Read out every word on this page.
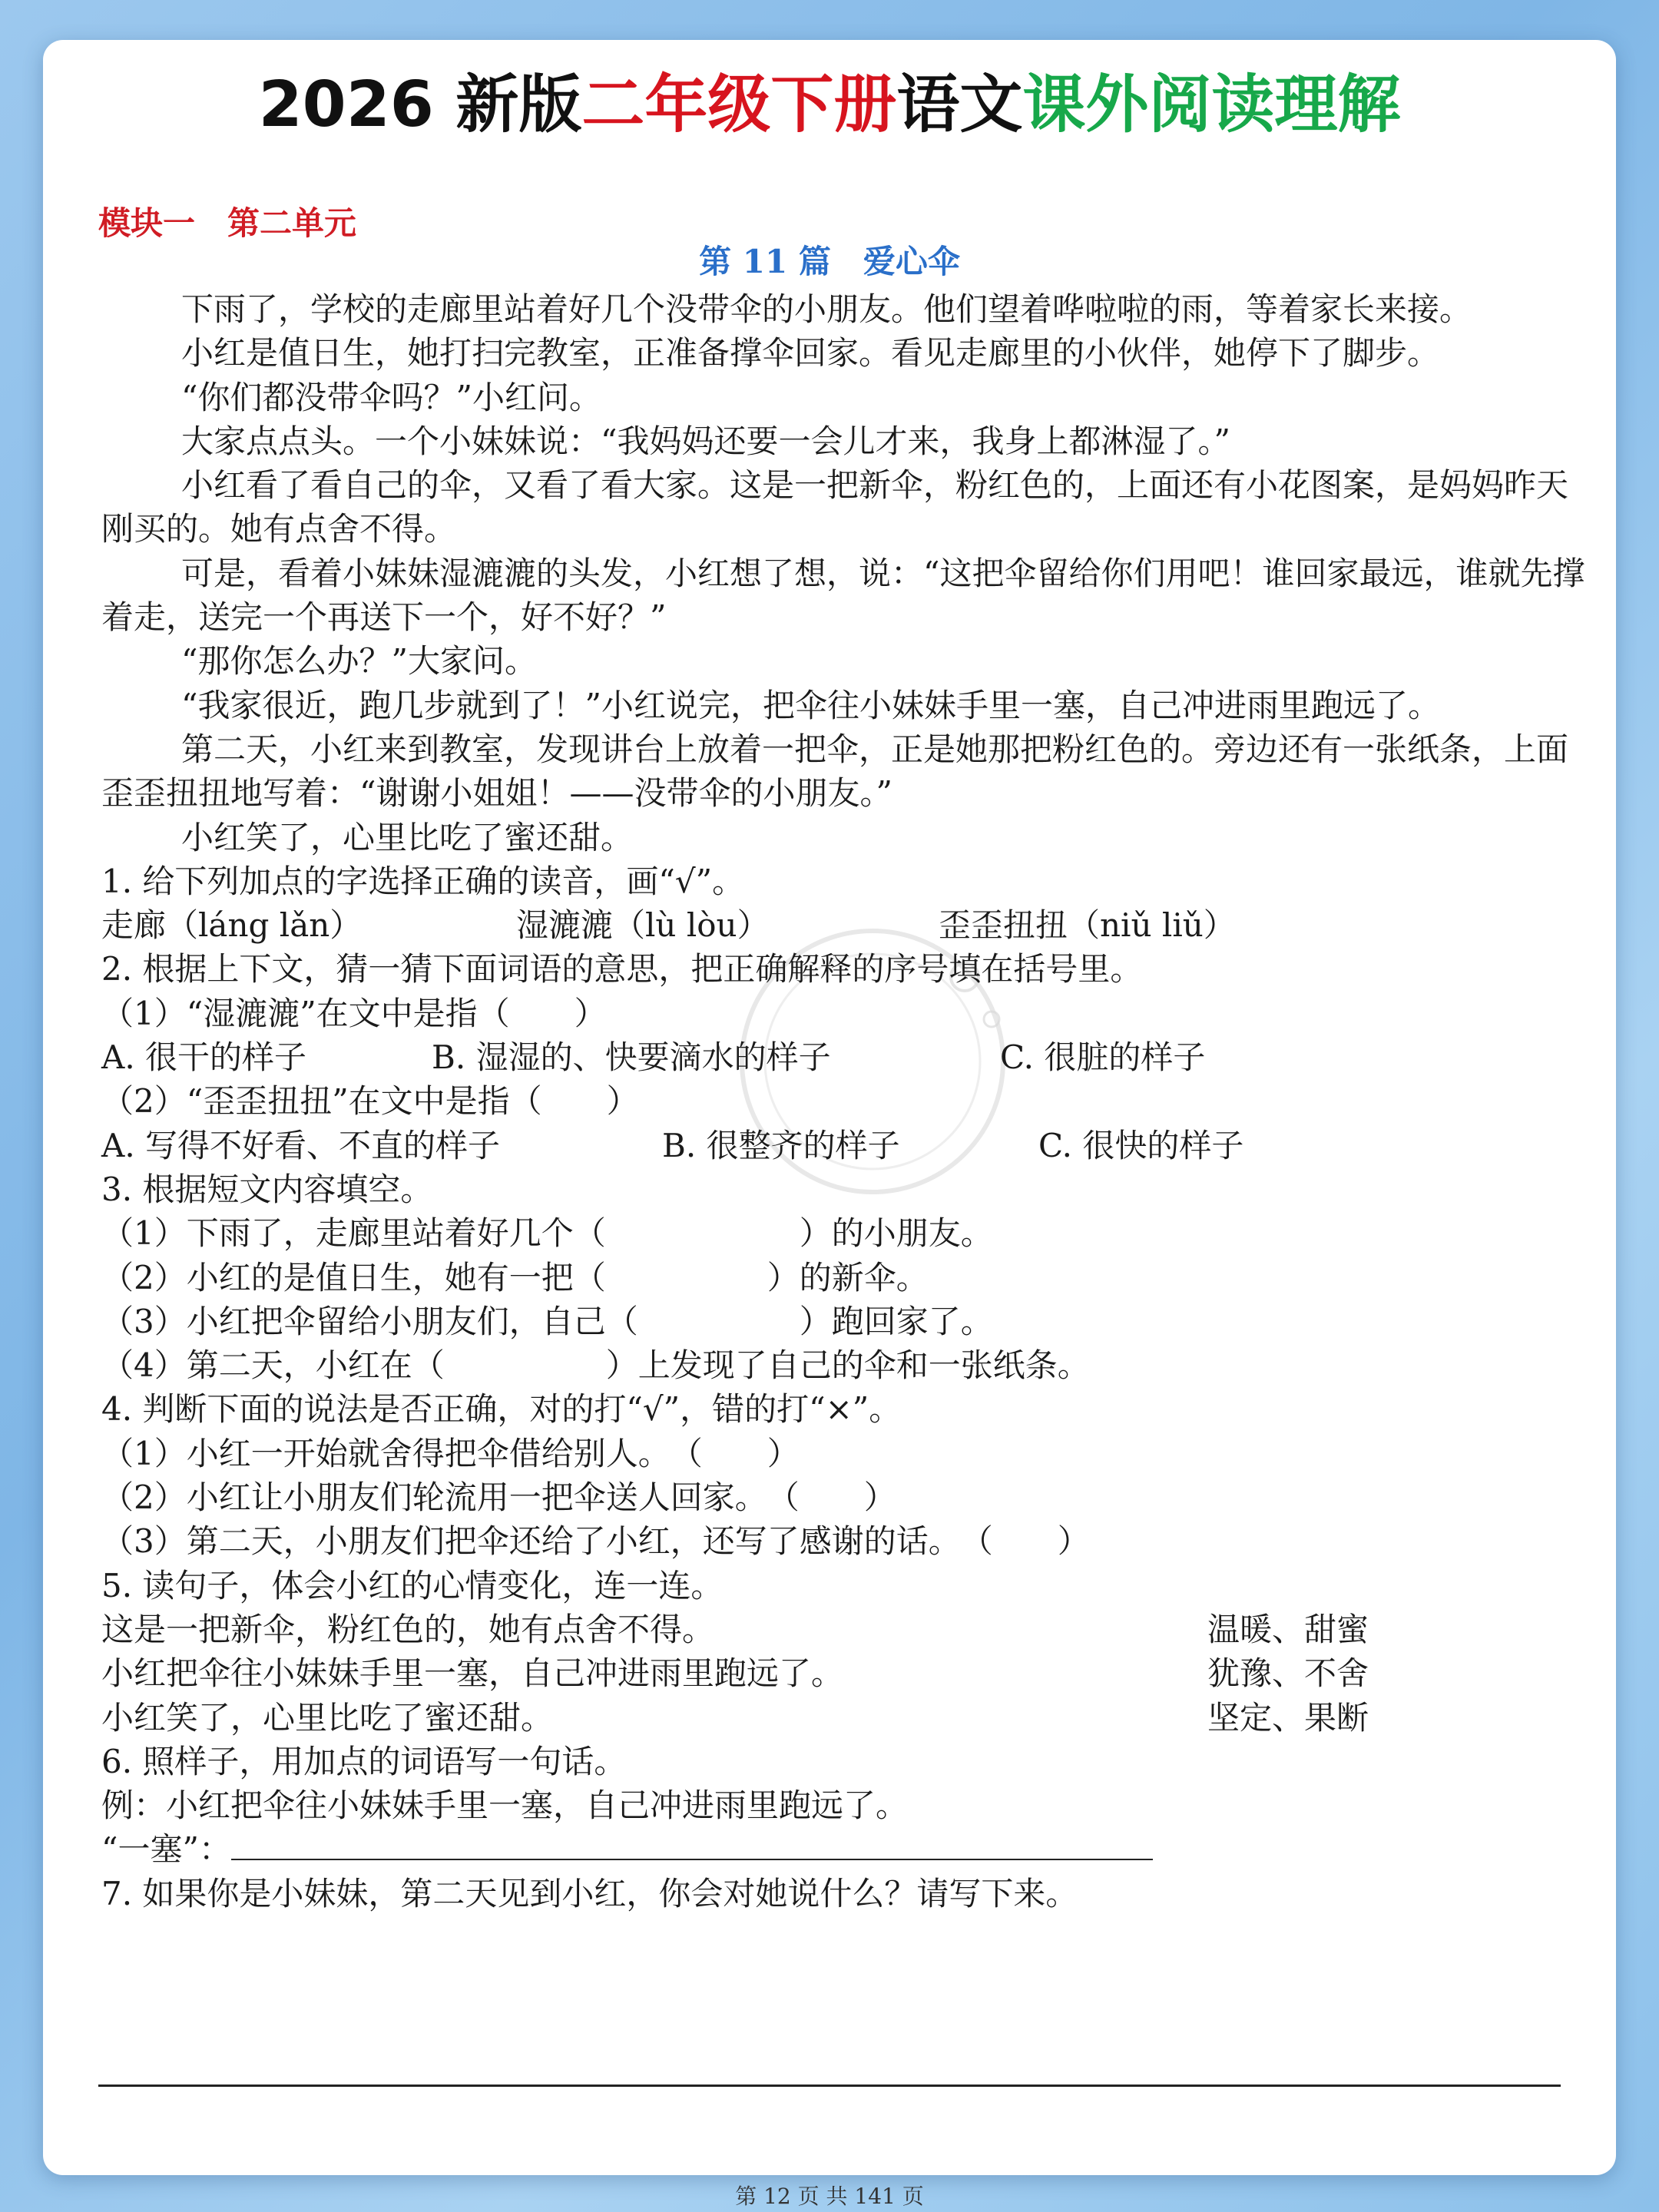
2026 新版二年级下册语文课外阅读理解
模块一　第二单元
第 11 篇　爱心伞

下雨了，学校的走廊里站着好几个没带伞的小朋友。他们望着哗啦啦的雨，等着家长来接。

小红是值日生，她打扫完教室，正准备撑伞回家。看见走廊里的小伙伴，她停下了脚步。

“你们都没带伞吗？”小红问。

大家点点头。一个小妹妹说：“我妈妈还要一会儿才来，我身上都淋湿了。”

小红看了看自己的伞，又看了看大家。这是一把新伞，粉红色的，上面还有小花图案，是妈妈昨天刚买的。她有点舍不得。

可是，看着小妹妹湿漉漉的头发，小红想了想，说：“这把伞留给你们用吧！谁回家最远，谁就先撑着走，送完一个再送下一个，好不好？”

“那你怎么办？”大家问。

“我家很近，跑几步就到了！”小红说完，把伞往小妹妹手里一塞，自己冲进雨里跑远了。

第二天，小红来到教室，发现讲台上放着一把伞，正是她那把粉红色的。旁边还有一张纸条，上面歪歪扭扭地写着：“谢谢小姐姐！——没带伞的小朋友。”

小红笑了，心里比吃了蜜还甜。

1. 给下列加点的字选择正确的读音，画“√”。

走廊（láng lǎn）	湿漉漉（lù lòu）	歪歪扭扭（niǔ liǔ）

2. 根据上下文，猜一猜下面词语的意思，把正确解释的序号填在括号里。

（1）“湿漉漉”在文中是指（　　）

A. 很干的样子	B. 湿湿的、快要滴水的样子	C. 很脏的样子

（2）“歪歪扭扭”在文中是指（　　）

A. 写得不好看、不直的样子	B. 很整齐的样子	C. 很快的样子

3. 根据短文内容填空。

（1）下雨了，走廊里站着好几个（　　　　　　）的小朋友。

（2）小红的是值日生，她有一把（　　　　　）的新伞。

（3）小红把伞留给小朋友们，自己（　　　　　）跑回家了。

（4）第二天，小红在（　　　　　）上发现了自己的伞和一张纸条。

4. 判断下面的说法是否正确，对的打“√”，错的打“×”。

（1）小红一开始就舍得把伞借给别人。　（　　）

（2）小红让小朋友们轮流用一把伞送人回家。　（　　）

（3）第二天，小朋友们把伞还给了小红，还写了感谢的话。　（　　）

5. 读句子，体会小红的心情变化，连一连。

这是一把新伞，粉红色的，她有点舍不得。	温暖、甜蜜
小红把伞往小妹妹手里一塞，自己冲进雨里跑远了。	犹豫、不舍
小红笑了，心里比吃了蜜还甜。	坚定、果断

6. 照样子，用加点的词语写一句话。

例：小红把伞往小妹妹手里一塞，自己冲进雨里跑远了。

“一塞”：

7. 如果你是小妹妹，第二天见到小红，你会对她说什么？请写下来。

第 12 页 共 141 页
